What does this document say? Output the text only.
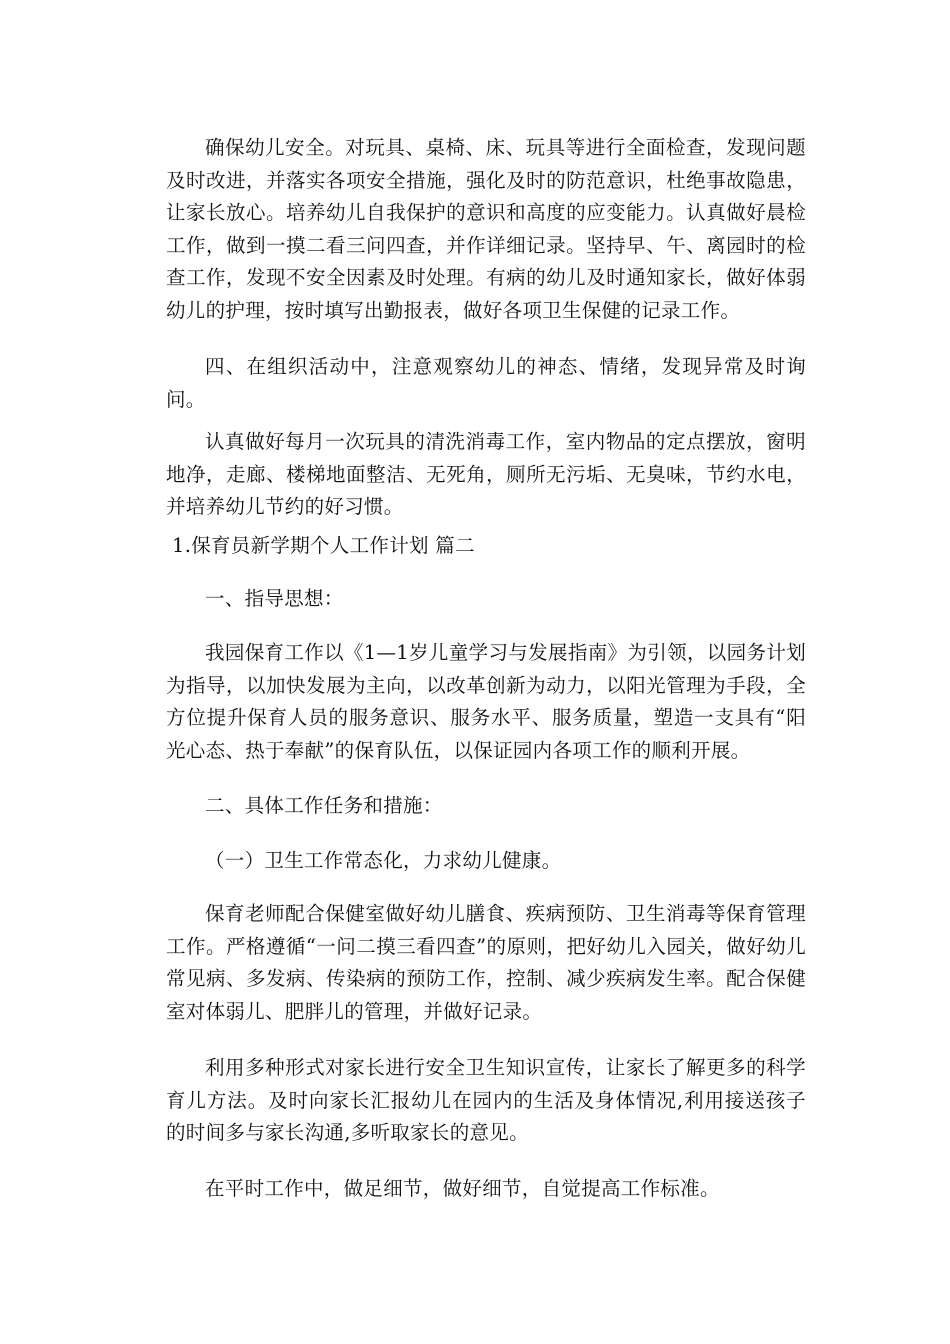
确保幼儿安全。对玩具、桌椅、床、玩具等进行全面检查，发现问题及时改进，并落实各项安全措施，强化及时的防范意识，杜绝事故隐患，让家长放心。培养幼儿自我保护的意识和高度的应变能力。认真做好晨检工作，做到一摸二看三问四查，并作详细记录。坚持早、午、离园时的检查工作，发现不安全因素及时处理。有病的幼儿及时通知家长，做好体弱幼儿的护理，按时填写出勤报表，做好各项卫生保健的记录工作。

四、在组织活动中，注意观察幼儿的神态、情绪，发现异常及时询问。

认真做好每月一次玩具的清洗消毒工作，室内物品的定点摆放，窗明地净，走廊、楼梯地面整洁、无死角，厕所无污垢、无臭味，节约水电，并培养幼儿节约的好习惯。

1.保育员新学期个人工作计划 篇二

一、指导思想：

我园保育工作以《1—1岁儿童学习与发展指南》为引领，以园务计划为指导，以加快发展为主向，以改革创新为动力，以阳光管理为手段，全方位提升保育人员的服务意识、服务水平、服务质量，塑造一支具有“阳光心态、热于奉献”的保育队伍，以保证园内各项工作的顺利开展。

二、具体工作任务和措施：

（一）卫生工作常态化，力求幼儿健康。

保育老师配合保健室做好幼儿膳食、疾病预防、卫生消毒等保育管理工作。严格遵循“一问二摸三看四查”的原则，把好幼儿入园关，做好幼儿常见病、多发病、传染病的预防工作，控制、减少疾病发生率。配合保健室对体弱儿、肥胖儿的管理，并做好记录。

利用多种形式对家长进行安全卫生知识宣传，让家长了解更多的科学育儿方法。及时向家长汇报幼儿在园内的生活及身体情况,利用接送孩子的时间多与家长沟通,多听取家长的意见。

在平时工作中，做足细节，做好细节，自觉提高工作标准。
